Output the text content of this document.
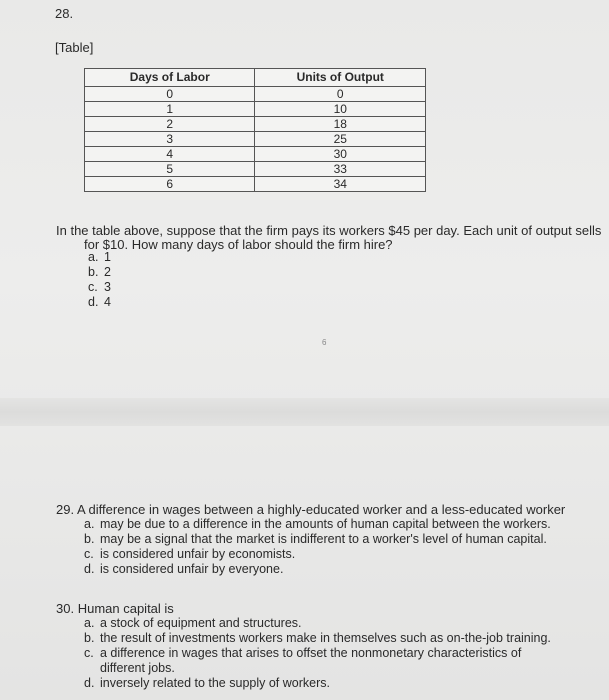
28.
[Table]
Days of Labor	Units of Output
0	0
1	10
2	18
3	25
4	30
5	33
6	34
In the table above, suppose that the firm pays its workers $45 per day. Each unit of output sells
for $10. How many days of labor should the firm hire?
a. 1
b. 2
c. 3
d. 4
6
29. A difference in wages between a highly-educated worker and a less-educated worker
a. may be due to a difference in the amounts of human capital between the workers.
b. may be a signal that the market is indifferent to a worker's level of human capital.
c. is considered unfair by economists.
d. is considered unfair by everyone.
30. Human capital is
a. a stock of equipment and structures.
b. the result of investments workers make in themselves such as on-the-job training.
c. a difference in wages that arises to offset the nonmonetary characteristics of
different jobs.
d. inversely related to the supply of workers.
